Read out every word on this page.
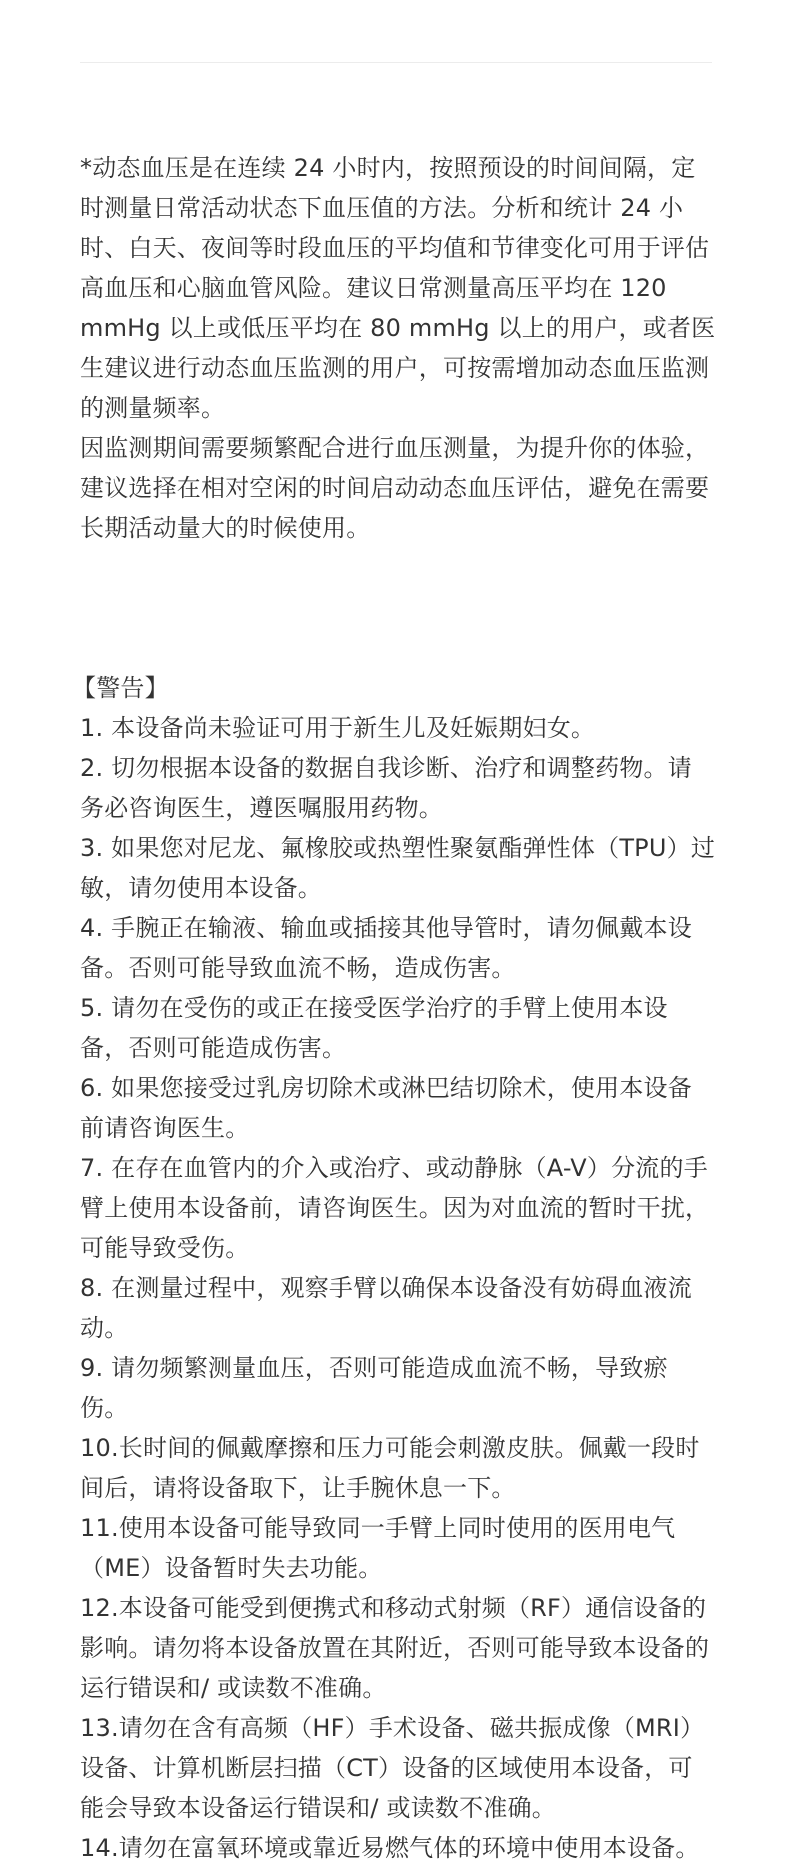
*动态血压是在连续 24 小时内，按照预设的时间间隔，定时测量日常活动状态下血压值的方法。分析和统计 24 小时、白天、夜间等时段血压的平均值和节律变化可用于评估高血压和心脑血管风险。建议日常测量高压平均在 120 mmHg 以上或低压平均在 80 mmHg 以上的用户，或者医生建议进行动态血压监测的用户，可按需增加动态血压监测的测量频率。

因监测期间需要频繁配合进行血压测量，为提升你的体验，建议选择在相对空闲的时间启动动态血压评估，避免在需要长期活动量大的时候使用。

【警告】

1. 本设备尚未验证可用于新生儿及妊娠期妇女。

2. 切勿根据本设备的数据自我诊断、治疗和调整药物。请务必咨询医生，遵医嘱服用药物。

3. 如果您对尼龙、氟橡胶或热塑性聚氨酯弹性体（TPU）过敏，请勿使用本设备。

4. 手腕正在输液、输血或插接其他导管时，请勿佩戴本设备。否则可能导致血流不畅，造成伤害。

5. 请勿在受伤的或正在接受医学治疗的手臂上使用本设备，否则可能造成伤害。

6. 如果您接受过乳房切除术或淋巴结切除术，使用本设备前请咨询医生。

7. 在存在血管内的介入或治疗、或动静脉（A-V）分流的手臂上使用本设备前，请咨询医生。因为对血流的暂时干扰，可能导致受伤。

8. 在测量过程中，观察手臂以确保本设备没有妨碍血液流动。

9. 请勿频繁测量血压，否则可能造成血流不畅，导致瘀伤。

10.长时间的佩戴摩擦和压力可能会刺激皮肤。佩戴一段时间后，请将设备取下，让手腕休息一下。

11.使用本设备可能导致同一手臂上同时使用的医用电气（ME）设备暂时失去功能。

12.本设备可能受到便携式和移动式射频（RF）通信设备的影响。请勿将本设备放置在其附近，否则可能导致本设备的运行错误和/ 或读数不准确。

13.请勿在含有高频（HF）手术设备、磁共振成像（MRI）设备、计算机断层扫描（CT）设备的区域使用本设备，可能会导致本设备运行错误和/ 或读数不准确。

14.请勿在富氧环境或靠近易燃气体的环境中使用本设备。
